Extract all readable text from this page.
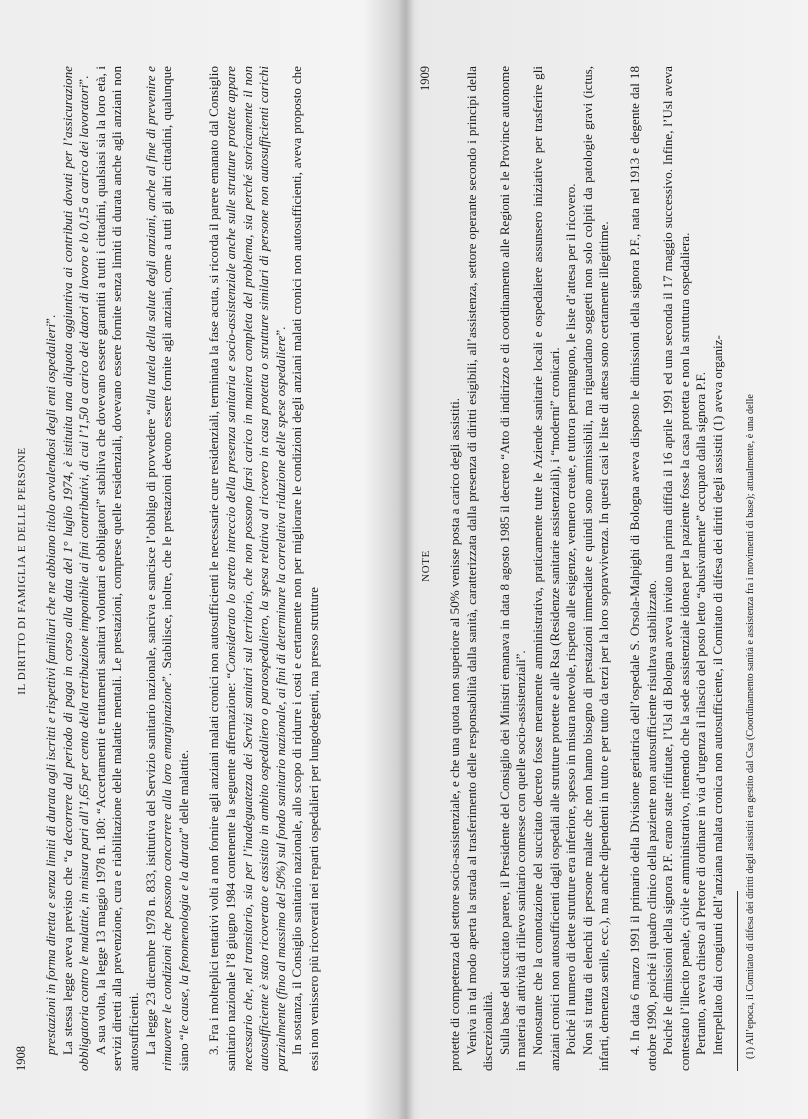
1908
IL DIRITTO DI FAMIGLIA E DELLE PERSONE prestazioni in forma diretta e senza limiti di durata agli iscritti e rispettivi familiari che ne abbiano titolo avvalendosi degli enti ospedalieri”.

La stessa legge aveva previsto che “a decorrere dal periodo di paga in corso alla data del 1° luglio 1974, è istituita una aliquota aggiuntiva ai contributi dovuti per l’assicurazione obbligatoria contro le malattie, in misura pari all’1,65 per cento della retribuzione imponibile ai fini contributivi, di cui l’1,50 a carico dei datori di lavoro e lo 0,15 a carico dei lavoratori”. A sua volta, la legge 13 maggio 1978 n. 180: “Accertamenti e trattamenti sanitari volontari e obbligatori” stabiliva che dovevano essere garantiti a tutti i cittadini, qualsiasi sia la loro età, i servizi diretti alla prevenzione, cura e riabilitazione delle malattie mentali. Le prestazioni, comprese quelle residenziali, dovevano essere fornite senza limiti di durata anche agli anziani non autosufficienti. La legge 23 dicembre 1978 n. 833, istitutiva del Servizio sanitario nazionale, sanciva e sancisce l’obbligo di provvedere “alla tutela della salute degli anziani, anche al fine di prevenire e rimuovere le condizioni che possono concorrere alla loro emarginazione”. Stabilisce, inoltre, che le prestazioni devono essere fornite agli anziani, come a tutti gli altri cittadini, qualunque siano “le cause, la fenomenologia e la durata” delle malattie. 3. Fra i molteplici tentativi volti a non fornire agli anziani malati cronici non autosufficienti le necessarie cure residenziali, terminata la fase acuta, si ricorda il parere emanato dal Consiglio sanitario nazionale l’8 giugno 1984 contenente la seguente affermazione: “Considerato lo stretto intreccio della presenza sanitaria e socio-assistenziale anche sulle strutture protette appare necessario che, nel transitorio, sia per l’inadeguatezza dei Servizi sanitari sul territorio, che non possono farsi carico in maniera completa del problema, sia perché storicamente il non autosufficiente è stato ricoverato e assistito in ambito ospedaliero o paraospedaliero, la spesa relativa al ricovero in casa protetta o strutture similari di persone non autosufficienti carichi parzialmente (fino al massimo del 50%) sul fondo sanitario nazionale, ai fini di determinare la correlativa riduzione delle spese ospedaliere”. In sostanza, il Consiglio sanitario nazionale, allo scopo di ridurre i costi e certamente non per migliorare le condizioni degli anziani malati cronici non autosufficienti, aveva proposto che essi non venissero più ricoverati nei reparti ospedalieri per lungodegenti, ma presso strutture

NOTE
1909

protette di competenza del settore socio-assistenziale, e che una quota non superiore al 50% venisse posta a carico degli assistiti. Veniva in tal modo aperta la strada al trasferimento delle responsabilità dalla sanità, caratterizzata dalla presenza di diritti esigibili, all’assistenza, settore operante secondo i principi della discrezionalità. Sulla base del succitato parere, il Presidente del Consiglio dei Ministri emanava in data 8 agosto 1985 il decreto “Atto di indirizzo e di coordinamento alle Regioni e le Province autonome in materia di attività di rilievo sanitario connesse con quelle socio-assistenziali”. Nonostante che la connotazione del succitato decreto fosse meramente amministrativa, praticamente tutte le Aziende sanitarie locali e ospedaliere assunsero iniziative per trasferire gli anziani cronici non autosufficienti dagli ospedali alle strutture protette e alle Rsa (Residenze sanitarie assistenziali), i “moderni” cronicari. Poiché il numero di dette strutture era inferiore, spesso in misura notevole, rispetto alle esigenze, vennero create, e tuttora permangono, le liste d’attesa per il ricovero. Non si tratta di elenchi di persone malate che non hanno bisogno di prestazioni immediate e quindi sono ammissibili, ma riguardano soggetti non solo colpiti da patologie gravi (ictus, infarti, demenza senile, ecc.), ma anche dipendenti in tutto e per tutto da terzi per la loro sopravvivenza. In questi casi le liste di attesa sono certamente illegittime. 4. In data 6 marzo 1991 il primario della Divisione geriatrica dell’ospedale S. Orsola-Malpighi di Bologna aveva disposto le dimissioni della signora P.F., nata nel 1913 e degente dal 18 ottobre 1990, poiché il quadro clinico della paziente non autosufficiente risultava stabilizzato. Poiché le dimissioni della signora P.F. erano state rifiutate, l’Usl di Bologna aveva inviato una prima diffida il 16 aprile 1991 ed una seconda il 17 maggio successivo. Infine, l’Usl aveva contestato l’illecito penale, civile e amministrativo, ritenendo che la sede assistenziale idonea per la paziente fosse la casa protetta e non la struttura ospedaliera. Pertanto, aveva chiesto al Pretore di ordinare in via d’urgenza il rilascio del posto letto “abusivamente” occupato dalla signora P.F. Interpellato dai congiunti dell’anziana malata cronica non autosufficiente, il Comitato di difesa dei diritti degli assistiti (1) aveva organiz- (1) All’epoca, il Comitato di difesa dei diritti degli assistiti era gestito dal Csa (Coordinamento sanità e assistenza fra i movimenti di base); attualmente, è una delle
